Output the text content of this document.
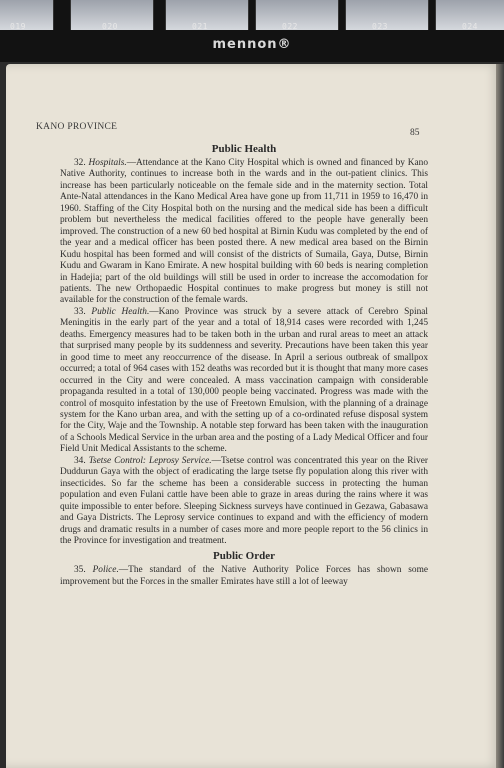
019	020	021	022	023	024
mennon®
KANO PROVINCE
85
Public Health

32. Hospitals.—Attendance at the Kano City Hospital which is owned and financed by Kano Native Authority, continues to increase both in the wards and in the out-patient clinics. This increase has been particularly noticeable on the female side and in the maternity section. Total Ante-Natal attendances in the Kano Medical Area have gone up from 11,711 in 1959 to 16,470 in 1960. Staffing of the City Hospital both on the nursing and the medical side has been a difficult problem but nevertheless the medical facilities offered to the people have generally been improved. The construction of a new 60 bed hospital at Birnin Kudu was completed by the end of the year and a medical officer has been posted there. A new medical area based on the Birnin Kudu hospital has been formed and will consist of the districts of Sumaila, Gaya, Dutse, Birnin Kudu and Gwaram in Kano Emirate. A new hospital building with 60 beds is nearing completion in Hadejia; part of the old buildings will still be used in order to increase the accomodation for patients. The new Orthopaedic Hospital continues to make progress but money is still not available for the construction of the female wards.

33. Public Health.—Kano Province was struck by a severe attack of Cerebro Spinal Meningitis in the early part of the year and a total of 18,914 cases were recorded with 1,245 deaths. Emergency measures had to be taken both in the urban and rural areas to meet an attack that surprised many people by its suddenness and severity. Precautions have been taken this year in good time to meet any reoccurrence of the disease. In April a serious outbreak of smallpox occurred; a total of 964 cases with 152 deaths was recorded but it is thought that many more cases occurred in the City and were concealed. A mass vaccination campaign with considerable propaganda resulted in a total of 130,000 people being vaccinated. Progress was made with the control of mosquito infestation by the use of Freetown Emulsion, with the planning of a drainage system for the Kano urban area, and with the setting up of a co-ordinated refuse disposal system for the City, Waje and the Township. A notable step forward has been taken with the inauguration of a Schools Medical Service in the urban area and the posting of a Lady Medical Officer and four Field Unit Medical Assistants to the scheme.

34. Tsetse Control: Leprosy Service.—Tsetse control was concentrated this year on the River Duddurun Gaya with the object of eradicating the large tsetse fly population along this river with insecticides. So far the scheme has been a considerable success in protecting the human population and even Fulani cattle have been able to graze in areas during the rains where it was quite impossible to enter before. Sleeping Sickness surveys have continued in Gezawa, Gabasawa and Gaya Districts. The Leprosy service continues to expand and with the efficiency of modern drugs and dramatic results in a number of cases more and more people report to the 56 clinics in the Province for investigation and treatment.

Public Order

35. Police.—The standard of the Native Authority Police Forces has shown some improvement but the Forces in the smaller Emirates have still a lot of leeway
